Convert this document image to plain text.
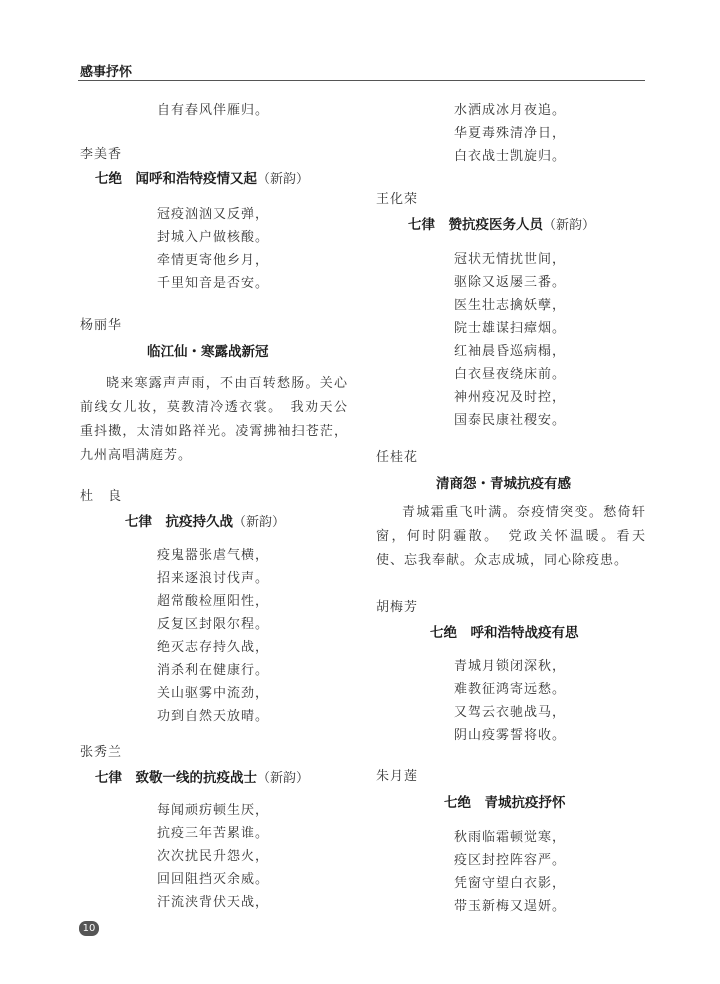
感事抒怀
自有春风伴雁归。
李美香
七绝　闻呼和浩特疫情又起（新韵）
冠疫汹汹又反弹，
封城入户做核酸。
牵情更寄他乡月，
千里知音是否安。
杨丽华
临江仙・寒露战新冠
晓来寒露声声雨，不由百转愁肠。关心前线女儿妆，莫教清冷透衣裳。　我劝天公重抖擞，太清如路祥光。凌霄拂袖扫苍茫，九州高唱满庭芳。
杜　良
七律　抗疫持久战（新韵）
疫鬼嚣张虐气横，
招来逐浪讨伐声。
超常酸检厘阳性，
反复区封限尔程。
绝灭志存持久战，
消杀利在健康行。
关山驱雾中流劲，
功到自然天放晴。
张秀兰
七律　致敬一线的抗疫战士（新韵）
每闻顽疠顿生厌，
抗疫三年苦累谁。
次次扰民升怨火，
回回阻挡灭余威。
汗流浃背伏天战，
水洒成冰月夜追。
华夏毒殊清净日，
白衣战士凯旋归。
王化荣
七律　赞抗疫医务人员（新韵）
冠状无情扰世间，
驱除又返屡三番。
医生壮志擒妖孽，
院士雄谋扫瘴烟。
红袖晨昏巡病榻，
白衣昼夜绕床前。
神州疫况及时控，
国泰民康社稷安。
任桂花
清商怨・青城抗疫有感
青城霜重飞叶满。奈疫情突变。愁倚轩窗，何时阴霾散。　党政关怀温暖。看天使、忘我奉献。众志成城，同心除疫患。
胡梅芳
七绝　呼和浩特战疫有思
青城月锁闭深秋，
难教征鸿寄远愁。
又驾云衣驰战马，
阴山疫雾誓将收。
朱月莲
七绝　青城抗疫抒怀
秋雨临霜顿觉寒，
疫区封控阵容严。
凭窗守望白衣影，
带玉新梅又逞妍。
10
